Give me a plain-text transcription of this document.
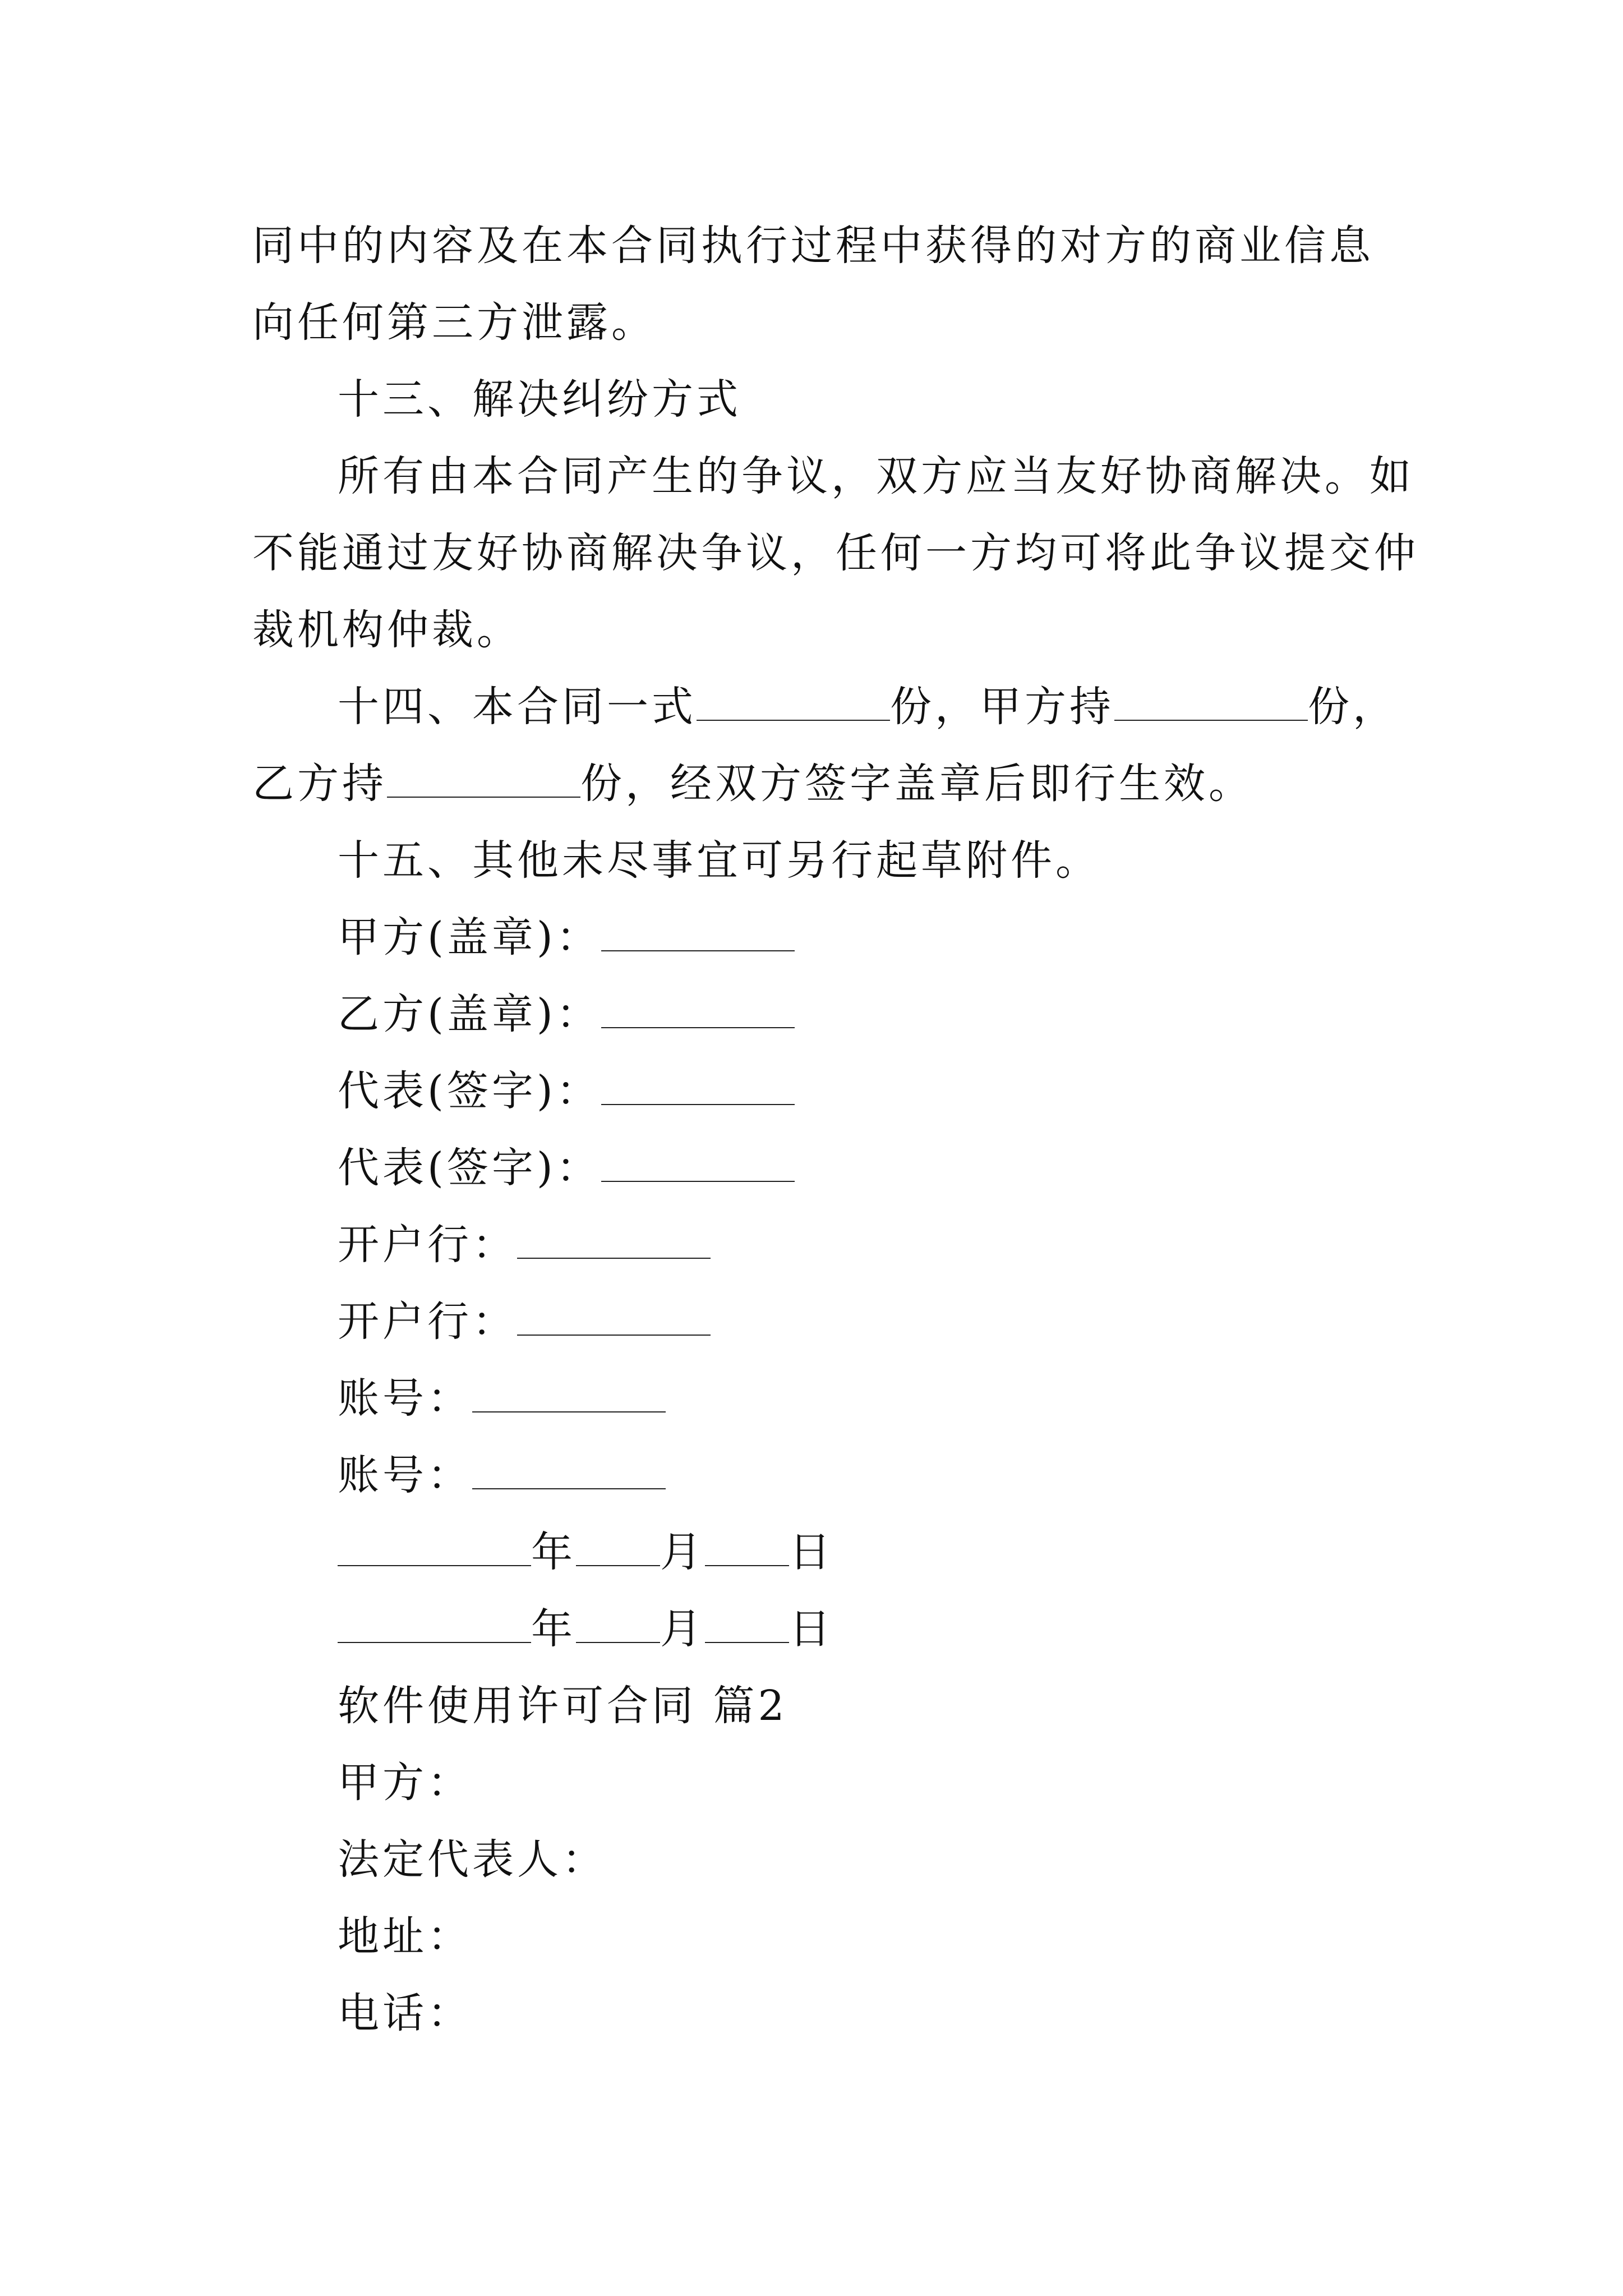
同中的内容及在本合同执行过程中获得的对方的商业信息
向任何第三方泄露。
十三、解决纠纷方式
所有由本合同产生的争议，双方应当友好协商解决。如
不能通过友好协商解决争议，任何一方均可将此争议提交仲
裁机构仲裁。
十四、本合同一式	份，甲方持	份，
乙方持	份，经双方签字盖章后即行生效。
十五、其他未尽事宜可另行起草附件。
甲方(盖章)：
乙方(盖章)：
代表(签字)：
代表(签字)：
开户行：
开户行：
账号：
账号：
年 月 日
年 月 日
软件使用许可合同 篇2
甲方：
法定代表人：
地址：
电话：
